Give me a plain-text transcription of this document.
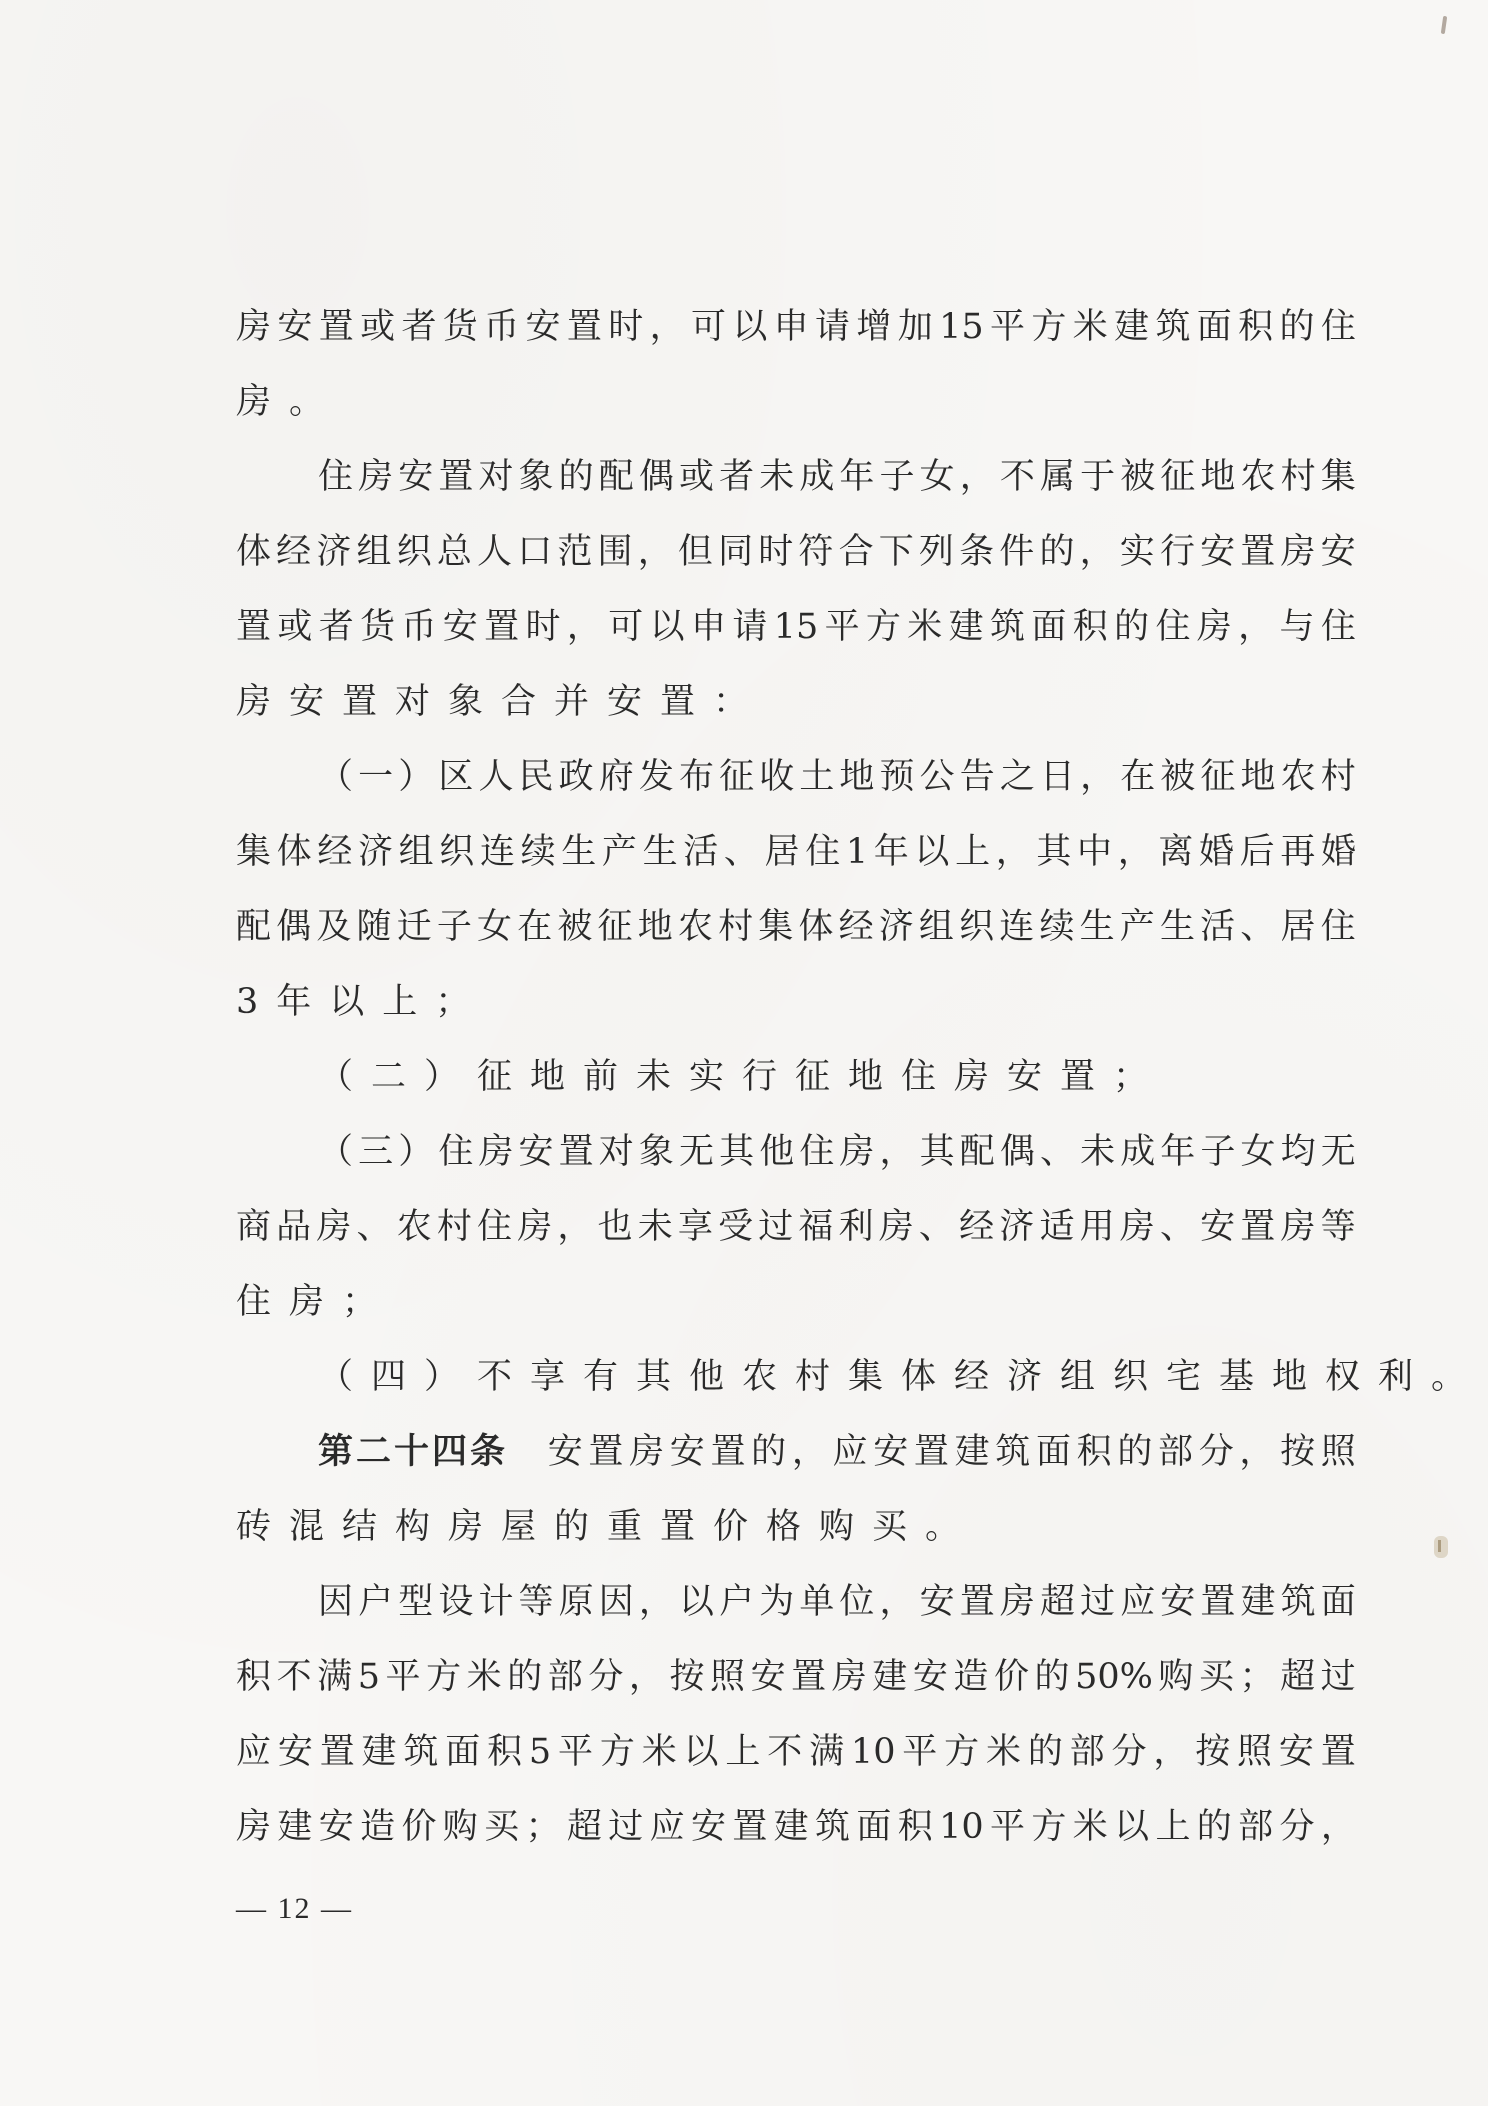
房 安 置 或 者 货 币 安 置 时 ， 可 以 申 请 增 加 15 平 方 米 建 筑 面 积 的 住
房。
住 房 安 置 对 象 的 配 偶 或 者 未 成 年 子 女 ， 不 属 于 被 征 地 农 村 集
体 经 济 组 织 总 人 口 范 围 ， 但 同 时 符 合 下 列 条 件 的 ， 实 行 安 置 房 安
置 或 者 货 币 安 置 时 ， 可 以 申 请 15 平 方 米 建 筑 面 积 的 住 房 ， 与 住
房安置对象合并安置：
（ 一 ） 区 人 民 政 府 发 布 征 收 土 地 预 公 告 之 日 ， 在 被 征 地 农 村
集 体 经 济 组 织 连 续 生 产 生 活 、 居 住 1 年 以 上 ， 其 中 ， 离 婚 后 再 婚
配 偶 及 随 迁 子 女 在 被 征 地 农 村 集 体 经 济 组 织 连 续 生 产 生 活 、 居 住
3年以上；
（二）征地前未实行征地住房安置；
（ 三 ） 住 房 安 置 对 象 无 其 他 住 房 ， 其 配 偶 、 未 成 年 子 女 均 无
商 品 房 、 农 村 住 房 ， 也 未 享 受 过 福 利 房 、 经 济 适 用 房 、 安 置 房 等
住房；
（四）不享有其他农村集体经济组织宅基地权利。
第二十四条 安 置 房 安 置 的 ， 应 安 置 建 筑 面 积 的 部 分 ， 按 照
砖混结构房屋的重置价格购买。
因 户 型 设 计 等 原 因 ， 以 户 为 单 位 ， 安 置 房 超 过 应 安 置 建 筑 面
积 不 满 5 平 方 米 的 部 分 ， 按 照 安 置 房 建 安 造 价 的 50% 购 买 ； 超 过
应 安 置 建 筑 面 积 5 平 方 米 以 上 不 满 10 平 方 米 的 部 分 ， 按 照 安 置
房 建 安 造 价 购 买 ； 超 过 应 安 置 建 筑 面 积 10 平 方 米 以 上 的 部 分 ，
— 12 —
